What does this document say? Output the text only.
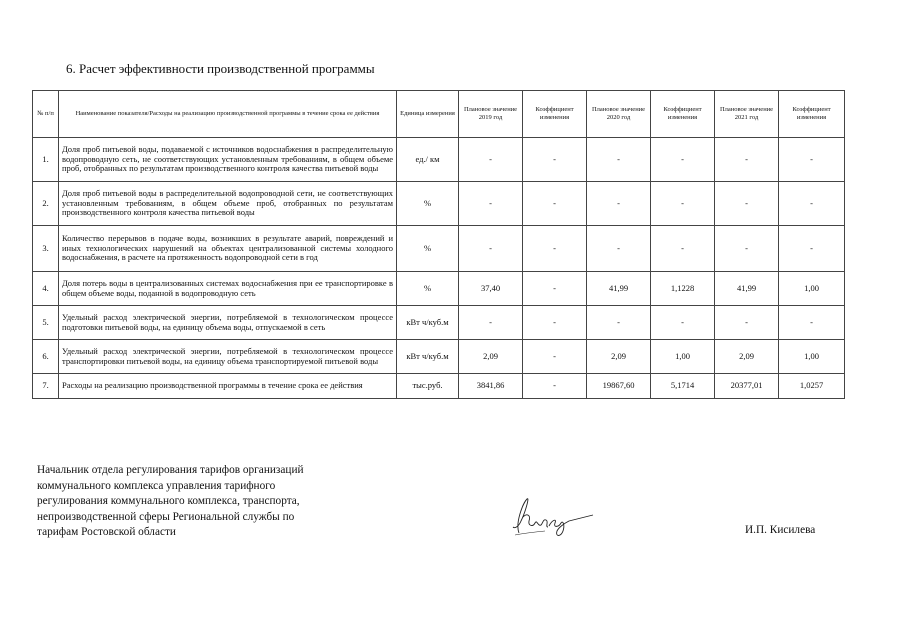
6. Расчет эффективности производственной программы
№ п/п	Наименование показателя/Расходы на реализацию производственной программы в течение срока ее действия	Единица измерения	Плановое значение 2019 год	Коэффициент изменения	Плановое значение 2020 год	Коэффициент изменения	Плановое значение 2021 год	Коэффициент изменения
1.	Доля проб питьевой воды, подаваемой с источников водоснабжения в распределительную водопроводную сеть, не соответствующих установленным требованиям, в общем объеме проб, отобранных по результатам производственного контроля качества питьевой воды	ед./ км	-	-	-	-	-	-
2.	Доля проб питьевой воды в распределительной водопроводной сети, не соответствующих установленным требованиям, в общем объеме проб, отобранных по результатам производственного контроля качества питьевой воды	%	-	-	-	-	-	-
3.	Количество перерывов в подаче воды, возникших в результате аварий, повреждений и иных технологических нарушений на объектах централизованной системы холодного водоснабжения, в расчете на протяженность водопроводной сети в год	%	-	-	-	-	-	-
4.	Доля потерь воды в централизованных системах водоснабжения при ее транспортировке в общем объеме воды, поданной в водопроводную сеть	%	37,40	-	41,99	1,1228	41,99	1,00
5.	Удельный расход электрической энергии, потребляемой в технологическом процессе подготовки питьевой воды, на единицу объема воды, отпускаемой в сеть	кВт ч/куб.м	-	-	-	-	-	-
6.	Удельный расход электрической энергии, потребляемой в технологическом процессе транспортировки питьевой воды, на единицу объема транспортируемой питьевой воды	кВт ч/куб.м	2,09	-	2,09	1,00	2,09	1,00
7.	Расходы на реализацию производственной программы в течение срока ее действия	тыс.руб.	3841,86	-	19867,60	5,1714	20377,01	1,0257
Начальник отдела регулирования тарифов организаций
коммунального комплекса управления тарифного
регулирования коммунального комплекса, транспорта,
непроизводственной сферы Региональной службы по
тарифам Ростовской области	И.П. Кисилева
